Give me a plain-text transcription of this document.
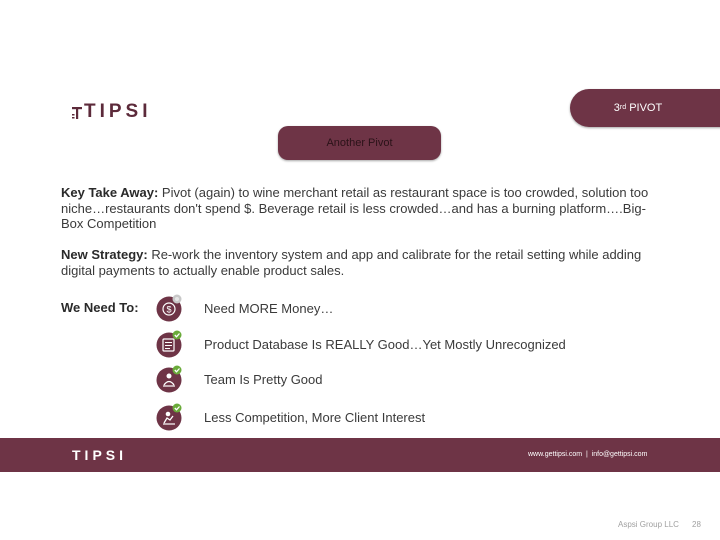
TIPSI	3rd PIVOT
Another Pivot
Key Take Away: Pivot (again) to wine merchant retail as restaurant space is too crowded, solution too niche…restaurants don't spend $. Beverage retail is less crowded…and has a burning platform….Big-Box Competition
New Strategy: Re-work the inventory system and app and calibrate for the retail setting while adding digital payments to actually enable product sales.
We Need To:	$ Need MORE Money…
Product Database Is REALLY Good…Yet Mostly Unrecognized
Team Is Pretty Good
Less Competition, More Client Interest
TIPSI	www.gettipsi.com  |  info@gettipsi.com
Aspsi Group LLC 28
